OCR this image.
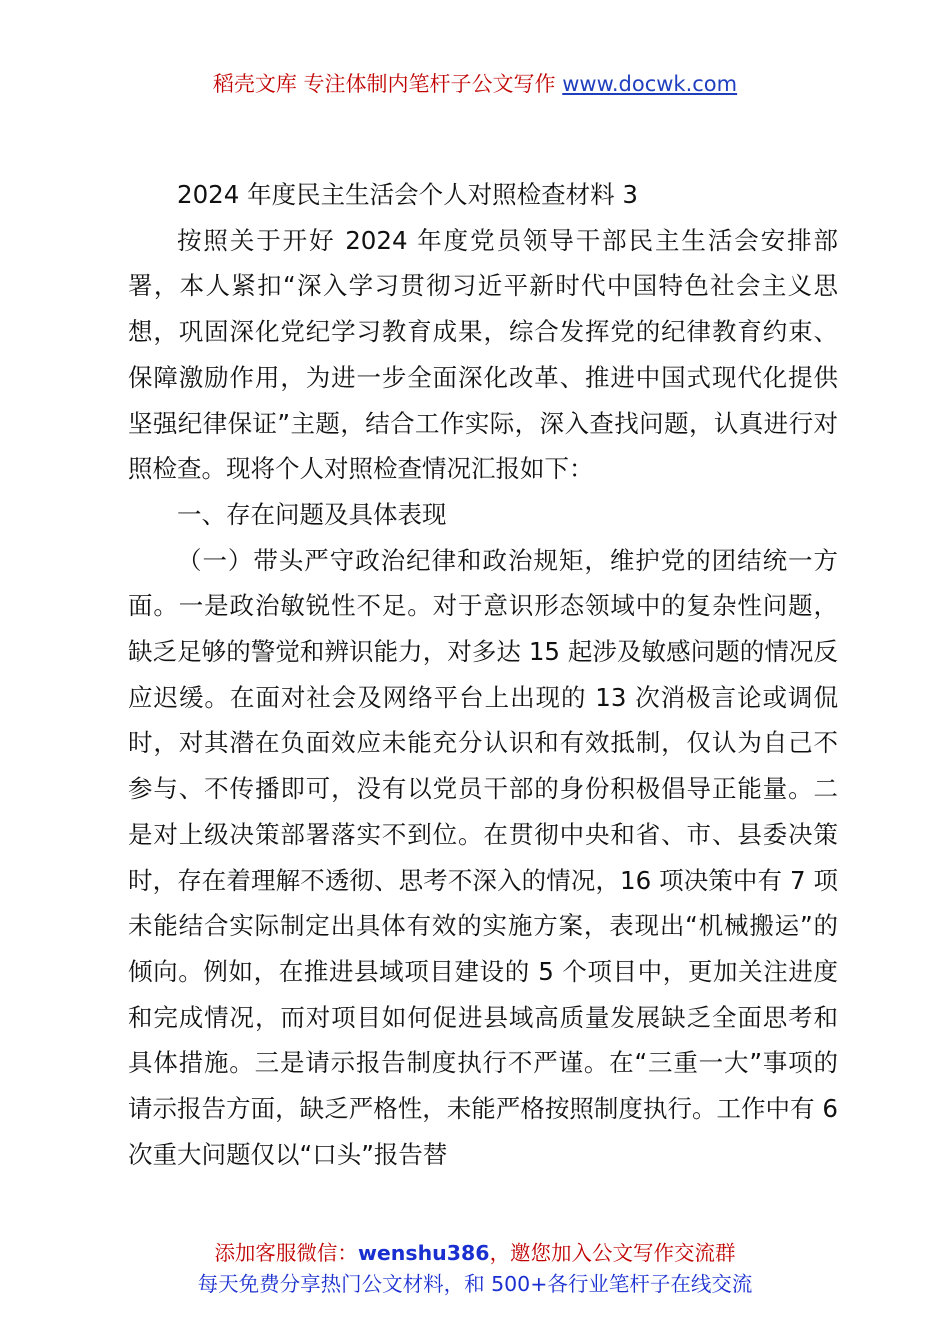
稻壳文库 专注体制内笔杆子公文写作 www.docwk.com

2024 年度民主生活会个人对照检查材料 3

按照关于开好 2024 年度党员领导干部民主生活会安排部署，本人紧扣“深入学习贯彻习近平新时代中国特色社会主义思想，巩固深化党纪学习教育成果，综合发挥党的纪律教育约束、保障激励作用，为进一步全面深化改革、推进中国式现代化提供坚强纪律保证”主题，结合工作实际，深入查找问题，认真进行对照检查。现将个人对照检查情况汇报如下：

一、存在问题及具体表现

（一）带头严守政治纪律和政治规矩，维护党的团结统一方面。一是政治敏锐性不足。对于意识形态领域中的复杂性问题，缺乏足够的警觉和辨识能力，对多达 15 起涉及敏感问题的情况反应迟缓。在面对社会及网络平台上出现的 13 次消极言论或调侃时，对其潜在负面效应未能充分认识和有效抵制，仅认为自己不参与、不传播即可，没有以党员干部的身份积极倡导正能量。二是对上级决策部署落实不到位。在贯彻中央和省、市、县委决策时，存在着理解不透彻、思考不深入的情况，16 项决策中有 7 项未能结合实际制定出具体有效的实施方案，表现出“机械搬运”的倾向。例如，在推进县域项目建设的 5 个项目中，更加关注进度和完成情况，而对项目如何促进县域高质量发展缺乏全面思考和具体措施。三是请示报告制度执行不严谨。在“三重一大”事项的请示报告方面，缺乏严格性，未能严格按照制度执行。工作中有 6 次重大问题仅以“口头”报告替

添加客服微信：wenshu386，邀您加入公文写作交流群
每天免费分享热门公文材料，和 500+各行业笔杆子在线交流
